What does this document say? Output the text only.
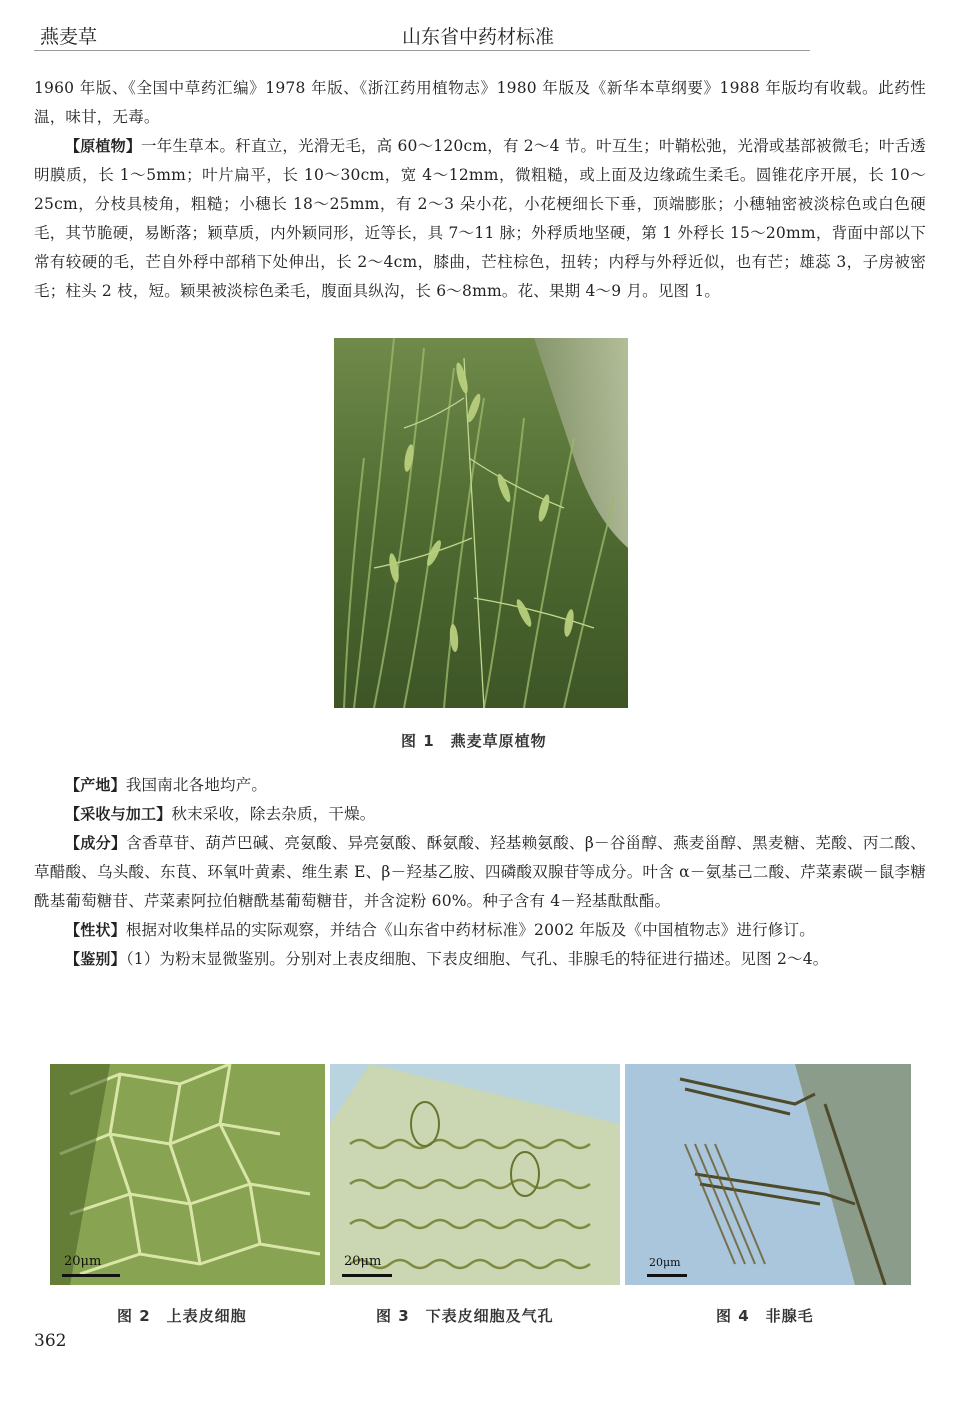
燕麦草	山东省中药材标准

1960 年版、《全国中草药汇编》1978 年版、《浙江药用植物志》1980 年版及《新华本草纲要》1988 年版均有收载。此药性温，味甘，无毒。

【原植物】一年生草本。秆直立，光滑无毛，高 60～120cm，有 2～4 节。叶互生；叶鞘松弛，光滑或基部被微毛；叶舌透明膜质，长 1～5mm；叶片扁平，长 10～30cm，宽 4～12mm，微粗糙，或上面及边缘疏生柔毛。圆锥花序开展，长 10～25cm，分枝具棱角，粗糙；小穗长 18～25mm，有 2～3 朵小花，小花梗细长下垂，顶端膨胀；小穗轴密被淡棕色或白色硬毛，其节脆硬，易断落；颖草质，内外颖同形，近等长，具 7～11 脉；外稃质地坚硬，第 1 外稃长 15～20mm，背面中部以下常有较硬的毛，芒自外稃中部稍下处伸出，长 2～4cm，膝曲，芒柱棕色，扭转；内稃与外稃近似，也有芒；雄蕊 3，子房被密毛；柱头 2 枝，短。颖果被淡棕色柔毛，腹面具纵沟，长 6～8mm。花、果期 4～9 月。见图 1。

图 1　燕麦草原植物

【产地】我国南北各地均产。

【采收与加工】秋末采收，除去杂质，干燥。

【成分】含香草苷、葫芦巴碱、亮氨酸、异亮氨酸、酥氨酸、羟基赖氨酸、β－谷甾醇、燕麦甾醇、黑麦糖、芜酸、丙二酸、草醋酸、乌头酸、东茛、环氧叶黄素、维生素 E、β－羟基乙胺、四磷酸双腺苷等成分。叶含 α－氨基己二酸、芹菜素碳－鼠李糖酰基葡萄糖苷、芹菜素阿拉伯糖酰基葡萄糖苷，并含淀粉 60%。种子含有 4－羟基酞酞酯。

【性状】根据对收集样品的实际观察，并结合《山东省中药材标准》2002 年版及《中国植物志》进行修订。

【鉴别】（1）为粉末显微鉴别。分别对上表皮细胞、下表皮细胞、气孔、非腺毛的特征进行描述。见图 2～4。

20μm	20μm	20μm
图 2　上表皮细胞	图 3　下表皮细胞及气孔	图 4　非腺毛
362
